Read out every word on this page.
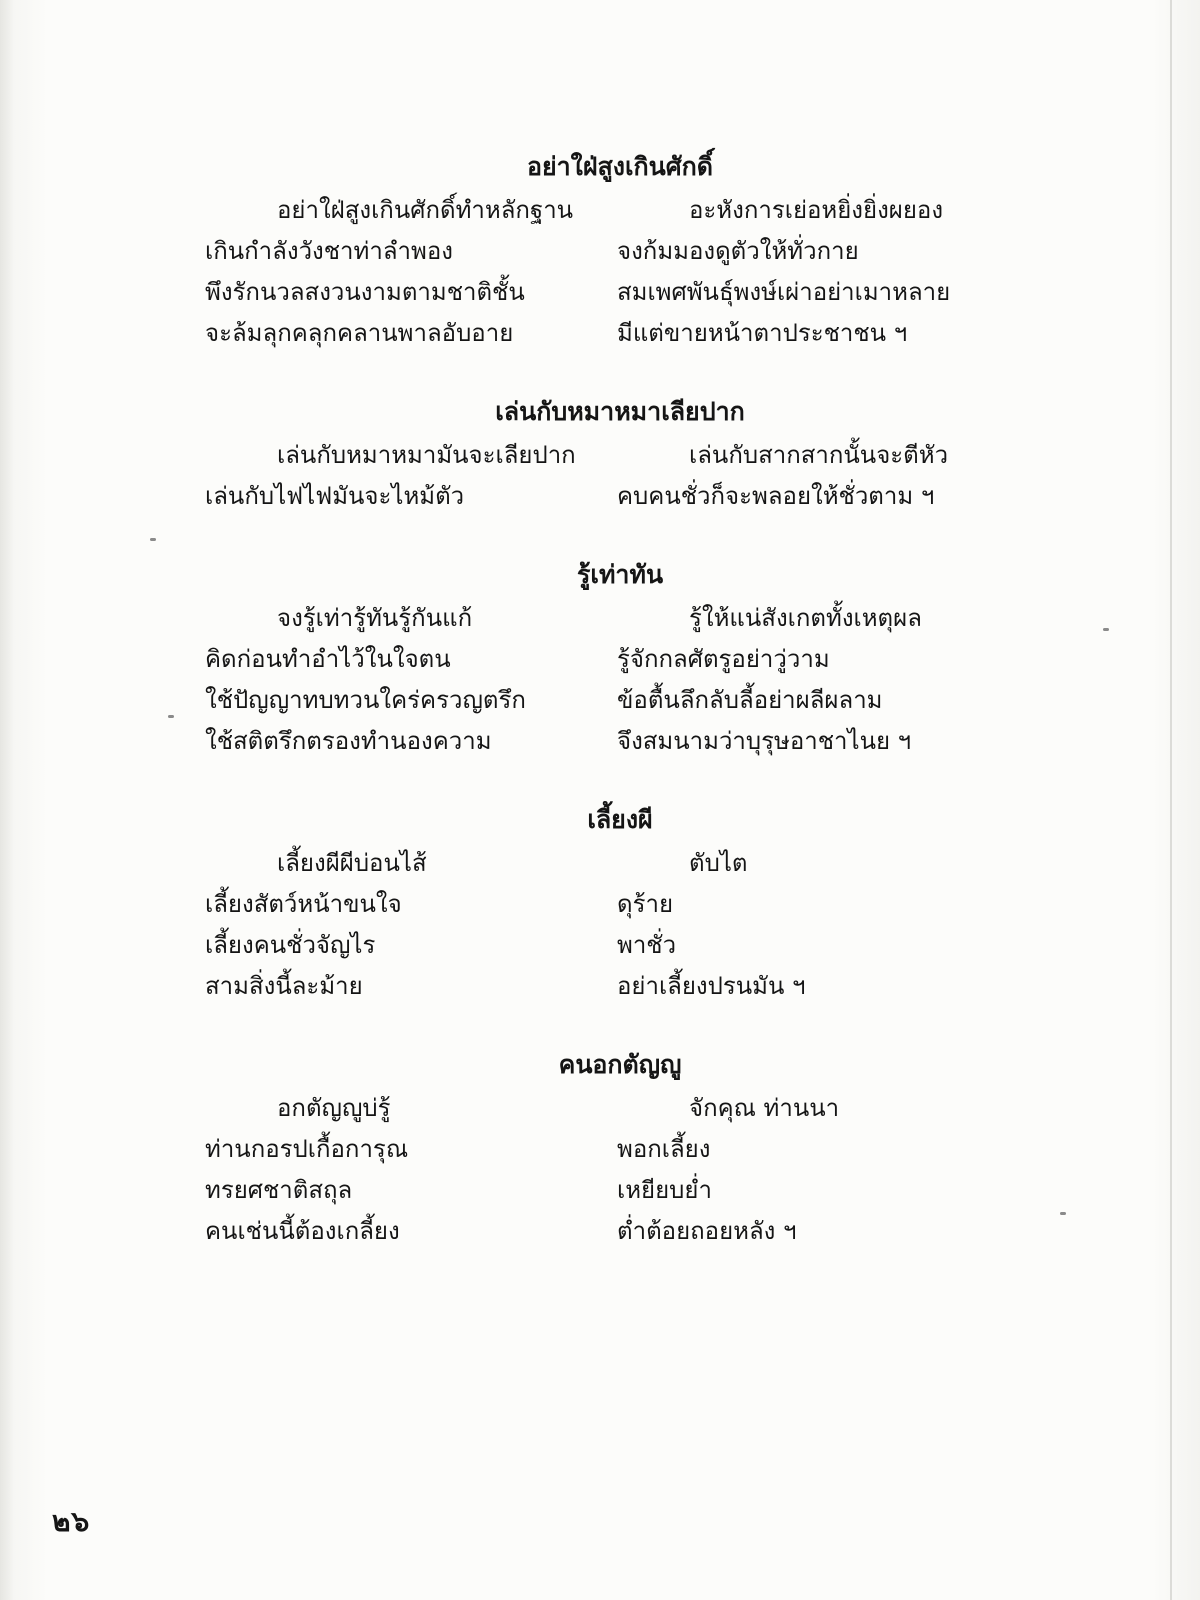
อย่าใฝ่สูงเกินศักดิ์
อย่าใฝ่สูงเกินศักดิ์ทำหลักฐาน	อะหังการเย่อหยิ่งยิ่งผยอง
เกินกำลังวังชาท่าลำพอง	จงก้มมองดูตัวให้ทั่วกาย
พึงรักนวลสงวนงามตามชาติชั้น	สมเพศพันธุ์พงษ์เผ่าอย่าเมาหลาย
จะล้มลุกคลุกคลานพาลอับอาย	มีแต่ขายหน้าตาประชาชน ฯ
เล่นกับหมาหมาเลียปาก
เล่นกับหมาหมามันจะเลียปาก	เล่นกับสากสากนั้นจะตีหัว
เล่นกับไฟไฟมันจะไหม้ตัว	คบคนชั่วก็จะพลอยให้ชั่วตาม ฯ
รู้เท่าทัน
จงรู้เท่ารู้ทันรู้กันแก้	รู้ให้แน่สังเกตทั้งเหตุผล
คิดก่อนทำอำไว้ในใจตน	รู้จักกลศัตรูอย่าวู่วาม
ใช้ปัญญาทบทวนใคร่ครวญตรึก	ข้อตื้นลึกลับลี้อย่าผลีผลาม
ใช้สติตรึกตรองทำนองความ	จึงสมนามว่าบุรุษอาชาไนย ฯ
เลี้ยงผี
เลี้ยงผีผีบ่อนไส้	ตับไต
เลี้ยงสัตว์หน้าขนใจ	ดุร้าย
เลี้ยงคนชั่วจัญไร	พาชั่ว
สามสิ่งนี้ละม้าย	อย่าเลี้ยงปรนมัน ฯ
คนอกตัญญู
อกตัญญูบ่รู้	จักคุณ ท่านนา
ท่านกอรปเกื้อการุณ	พอกเลี้ยง
ทรยศชาติสถุล	เหยียบย่ำ
คนเช่นนี้ต้องเกลี้ยง	ต่ำต้อยถอยหลัง ฯ
๒๖
